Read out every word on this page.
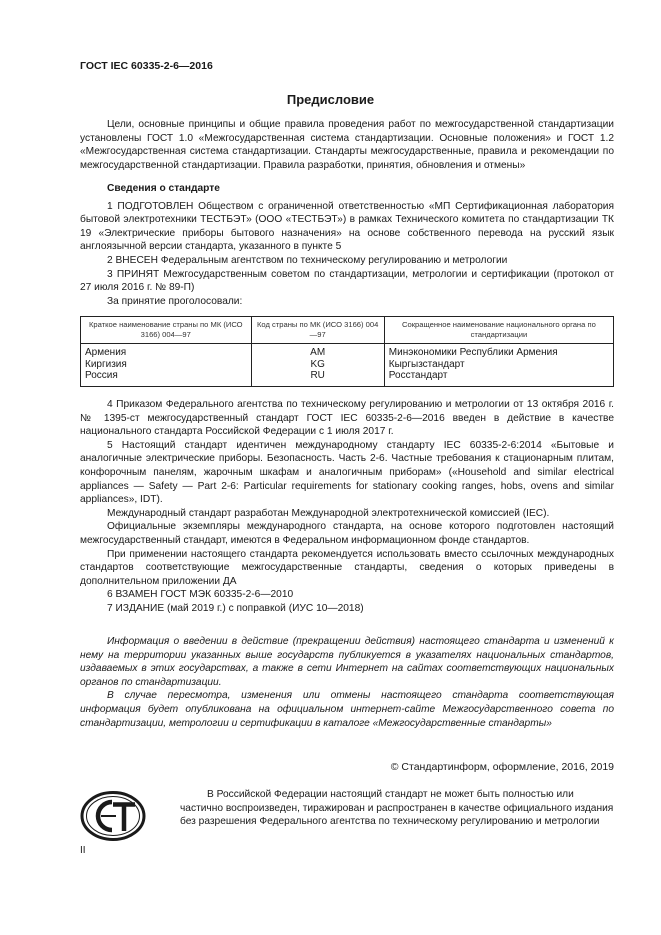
ГОСТ IEC 60335-2-6—2016
Предисловие

Цели, основные принципы и общие правила проведения работ по межгосударственной стандартизации установлены ГОСТ 1.0 «Межгосударственная система стандартизации. Основные положения» и ГОСТ 1.2 «Межгосударственная система стандартизации. Стандарты межгосударственные, правила и рекомендации по межгосударственной стандартизации. Правила разработки, принятия, обновления и отмены»

Сведения о стандарте

1 ПОДГОТОВЛЕН Обществом с ограниченной ответственностью «МП Сертификационная лаборатория бытовой электротехники ТЕСТБЭТ» (ООО «ТЕСТБЭТ») в рамках Технического комитета по стандартизации ТК 19 «Электрические приборы бытового назначения» на основе собственного перевода на русский язык англоязычной версии стандарта, указанного в пункте 5

2 ВНЕСЕН Федеральным агентством по техническому регулированию и метрологии

3 ПРИНЯТ Межгосударственным советом по стандартизации, метрологии и сертификации (протокол от 27 июля 2016 г. № 89-П)

За принятие проголосовали:

Краткое наименование страны по МК (ИСО 3166) 004—97	Код страны по МК (ИСО 3166) 004—97	Сокращенное наименование национального органа по стандартизации
Армения	AM	Минэкономики Республики Армения
Киргизия	KG	Кыргызстандарт
Россия	RU	Росстандарт

4 Приказом Федерального агентства по техническому регулированию и метрологии от 13 октября 2016 г. № 1395-ст межгосударственный стандарт ГОСТ IEC 60335-2-6—2016 введен в действие в качестве национального стандарта Российской Федерации с 1 июля 2017 г.

5 Настоящий стандарт идентичен международному стандарту IEC 60335-2-6:2014 «Бытовые и аналогичные электрические приборы. Безопасность. Часть 2-6. Частные требования к стационарным плитам, конфорочным панелям, жарочным шкафам и аналогичным приборам» («Household and similar electrical appliances — Safety — Part 2-6: Particular requirements for stationary cooking ranges, hobs, ovens and similar appliances», IDT).

Международный стандарт разработан Международной электротехнической комиссией (IEC).

Официальные экземпляры международного стандарта, на основе которого подготовлен настоящий межгосударственный стандарт, имеются в Федеральном информационном фонде стандартов.

При применении настоящего стандарта рекомендуется использовать вместо ссылочных международных стандартов соответствующие межгосударственные стандарты, сведения о которых приведены в дополнительном приложении ДА

6 ВЗАМЕН ГОСТ МЭК 60335-2-6—2010

7 ИЗДАНИЕ (май 2019 г.) с поправкой (ИУС 10—2018)

Информация о введении в действие (прекращении действия) настоящего стандарта и изменений к нему на территории указанных выше государств публикуется в указателях национальных стандартов, издаваемых в этих государствах, а также в сети Интернет на сайтах соответствующих национальных органов по стандартизации.

В случае пересмотра, изменения или отмены настоящего стандарта соответствующая информация будет опубликована на официальном интернет-сайте Межгосударственного совета по стандартизации, метрологии и сертификации в каталоге «Межгосударственные стандарты»

© Стандартинформ, оформление, 2016, 2019

В Российской Федерации настоящий стандарт не может быть полностью или частично воспроизведен, тиражирован и распространен в качестве официального издания без разрешения Федерального агентства по техническому регулированию и метрологии

II
